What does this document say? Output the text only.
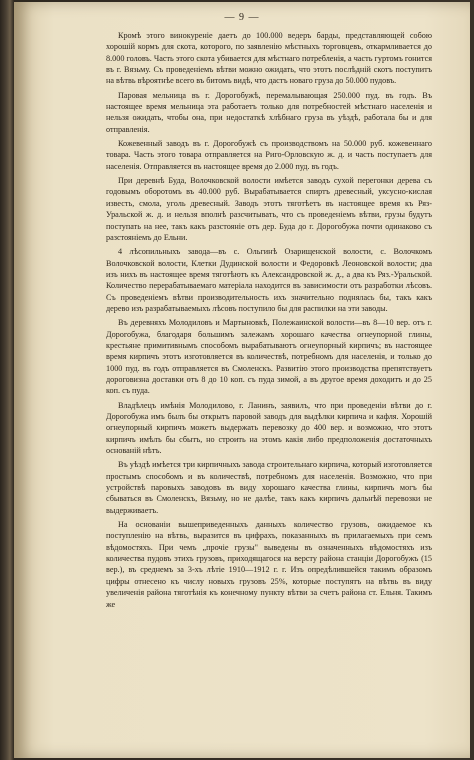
— 9 —

Кромѣ этого винокуреніе даетъ до 100.000 ведеръ барды, представляющей собою хорошій кормъ для скота, которого, по заявленію мѣстныхъ торговцевъ, откармливается до 8.000 головъ. Часть этого скота убивается для мѣстнаго потребленія, а часть гуртомъ гонится въ г. Вязьму. Съ проведеніемъ вѣтви можно ожидать, что этотъ послѣдній скотъ поступитъ на вѣтвь вѣроятнѣе всего въ битомъ видѣ, что дастъ новаго груза до 50.000 пудовъ.

Паровая мельница въ г. Дорогобужѣ, перемалывающая 250.000 пуд. въ годъ. Въ настоящее время мельница эта работаетъ только для потребностей мѣстнаго населенія и нельзя ожидать, чтобы она, при недостаткѣ хлѣбнаго груза въ уѣздѣ, работала бы и для отправленія.

Кожевенный заводъ въ г. Дорогобужѣ съ производствомъ на 50.000 руб. кожевеннаго товара. Часть этого товара отправляется на Риго-Орловскую ж. д. и часть поступаетъ для населенія. Отправляется въ настоящее время до 2.000 пуд. въ годъ.

При деревнѣ Буда, Волочковской волости имѣется заводъ сухой перегонки дерева съ годовымъ оборотомъ въ 40.000 руб. Вырабатывается спиртъ древесный, уксусно-кислая известь, смола, уголь древесный. Заводъ этотъ тяготѣетъ въ настоящее время къ Ряз-Уральской ж. д. и нельзя вполнѣ разсчитывать, что съ проведеніемъ вѣтви, грузы будутъ поступать на нее, такъ какъ разстояніе отъ дер. Буда до г. Дорогобужа почти одинаково съ разстояніемъ до Ельни.

4 лѣсопильныхъ завода—въ с. Ольгинѣ Озарищенской волости, с. Волочкомъ Волочковской волости, Клетки Дудинской волости и Федоровкѣ Леоновской волости; два изъ нихъ въ настоящее время тяготѣютъ къ Александровской ж. д., а два къ Ряз.-Уральской. Количество перерабатываемаго матеріала находится въ зависимости отъ разработки лѣсовъ. Съ проведеніемъ вѣтви производительность ихъ значительно поднялась бы, такъ какъ дерево изъ разрабатываемыхъ лѣсовъ поступило бы для распилки на эти заводы.

Въ деревняхъ Молодиловъ и Мартыновкѣ, Полежаинской волости—въ 8—10 вер. отъ г. Дорогобужа, благодаря большимъ залежамъ хорошаго качества огнеупорной глины, крестьяне примитивнымъ способомъ вырабатываютъ огнеупорный кирпичъ; въ настоящее время кирпичъ этотъ изготовляется въ количествѣ, потребномъ для населенія, и только до 1000 пуд. въ годъ отправляется въ Смоленскъ. Развитію этого производства препятствуетъ дороговизна доставки отъ 8 до 10 коп. съ пуда зимой, а въ другое время доходитъ и до 25 коп. съ пуда.

Владѣлецъ имѣнія Молодилово, г. Ланинъ, заявилъ, что при проведеніи вѣтви до г. Дорогобужа имъ былъ бы открытъ паровой заводъ для выдѣлки кирпича и кафля. Хорошій огнеупорный кирпичъ можетъ выдержать перевозку до 400 вер. и возможно, что этотъ кирпичъ имѣлъ бы сбытъ, но строить на этомъ какія либо предположенія достаточныхъ основаній нѣтъ.

Въ уѣздѣ имѣется три кирпичныхъ завода строительнаго кирпича, который изготовляется простымъ способомъ и въ количествѣ, потребномъ для населенія. Возможно, что при устройствѣ паровыхъ заводовъ въ виду хорошаго качества глины, кирпичъ могъ бы сбываться въ Смоленскъ, Вязьму, но не далѣе, такъ какъ кирпичъ дальнѣй перевозки не выдерживаетъ.

На основаніи вышеприведенныхъ данныхъ количество грузовъ, ожидаемое къ поступленію на вѣтвь, выразится въ цифрахъ, показанныхъ въ прилагаемыхъ при семъ вѣдомостяхъ. При чемъ „прочіе грузы" выведены въ означенныхъ вѣдомостяхъ изъ количества пудовъ этихъ грузовъ, приходящагося на версту района станціи Дорогобужъ (15 вер.), въ среднемъ за 3-хъ лѣтіе 1910—1912 г. г. Изъ опредѣлившейся такимъ образомъ цифры отнесено къ числу новыхъ грузовъ 25%, которые поступятъ на вѣтвь въ виду увеличенія района тяготѣнія къ конечному пункту вѣтви за счетъ района ст. Ельня. Такимъ же
